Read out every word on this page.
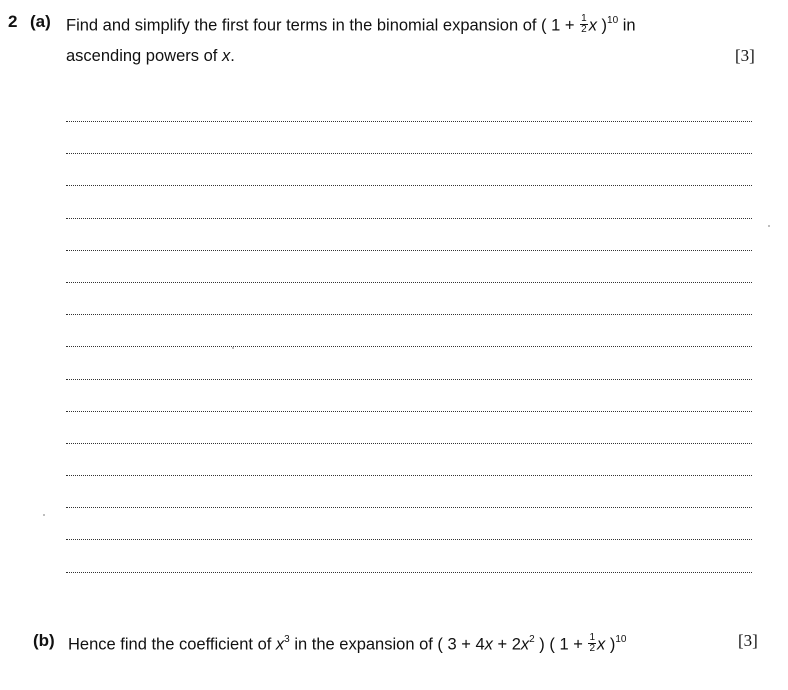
2 (a) Find and simplify the first four terms in the binomial expansion of ( $1 + \frac{1}{2}$ x )$^{10}$ in
ascending powers of x.	[3]
(b) Hence find the coefficient of $x^3$ in the expansion of ( $3 + 4x + 2x^2$ ) ( $1 + \frac{1}{2}$ x )$^{10}$	[3]
